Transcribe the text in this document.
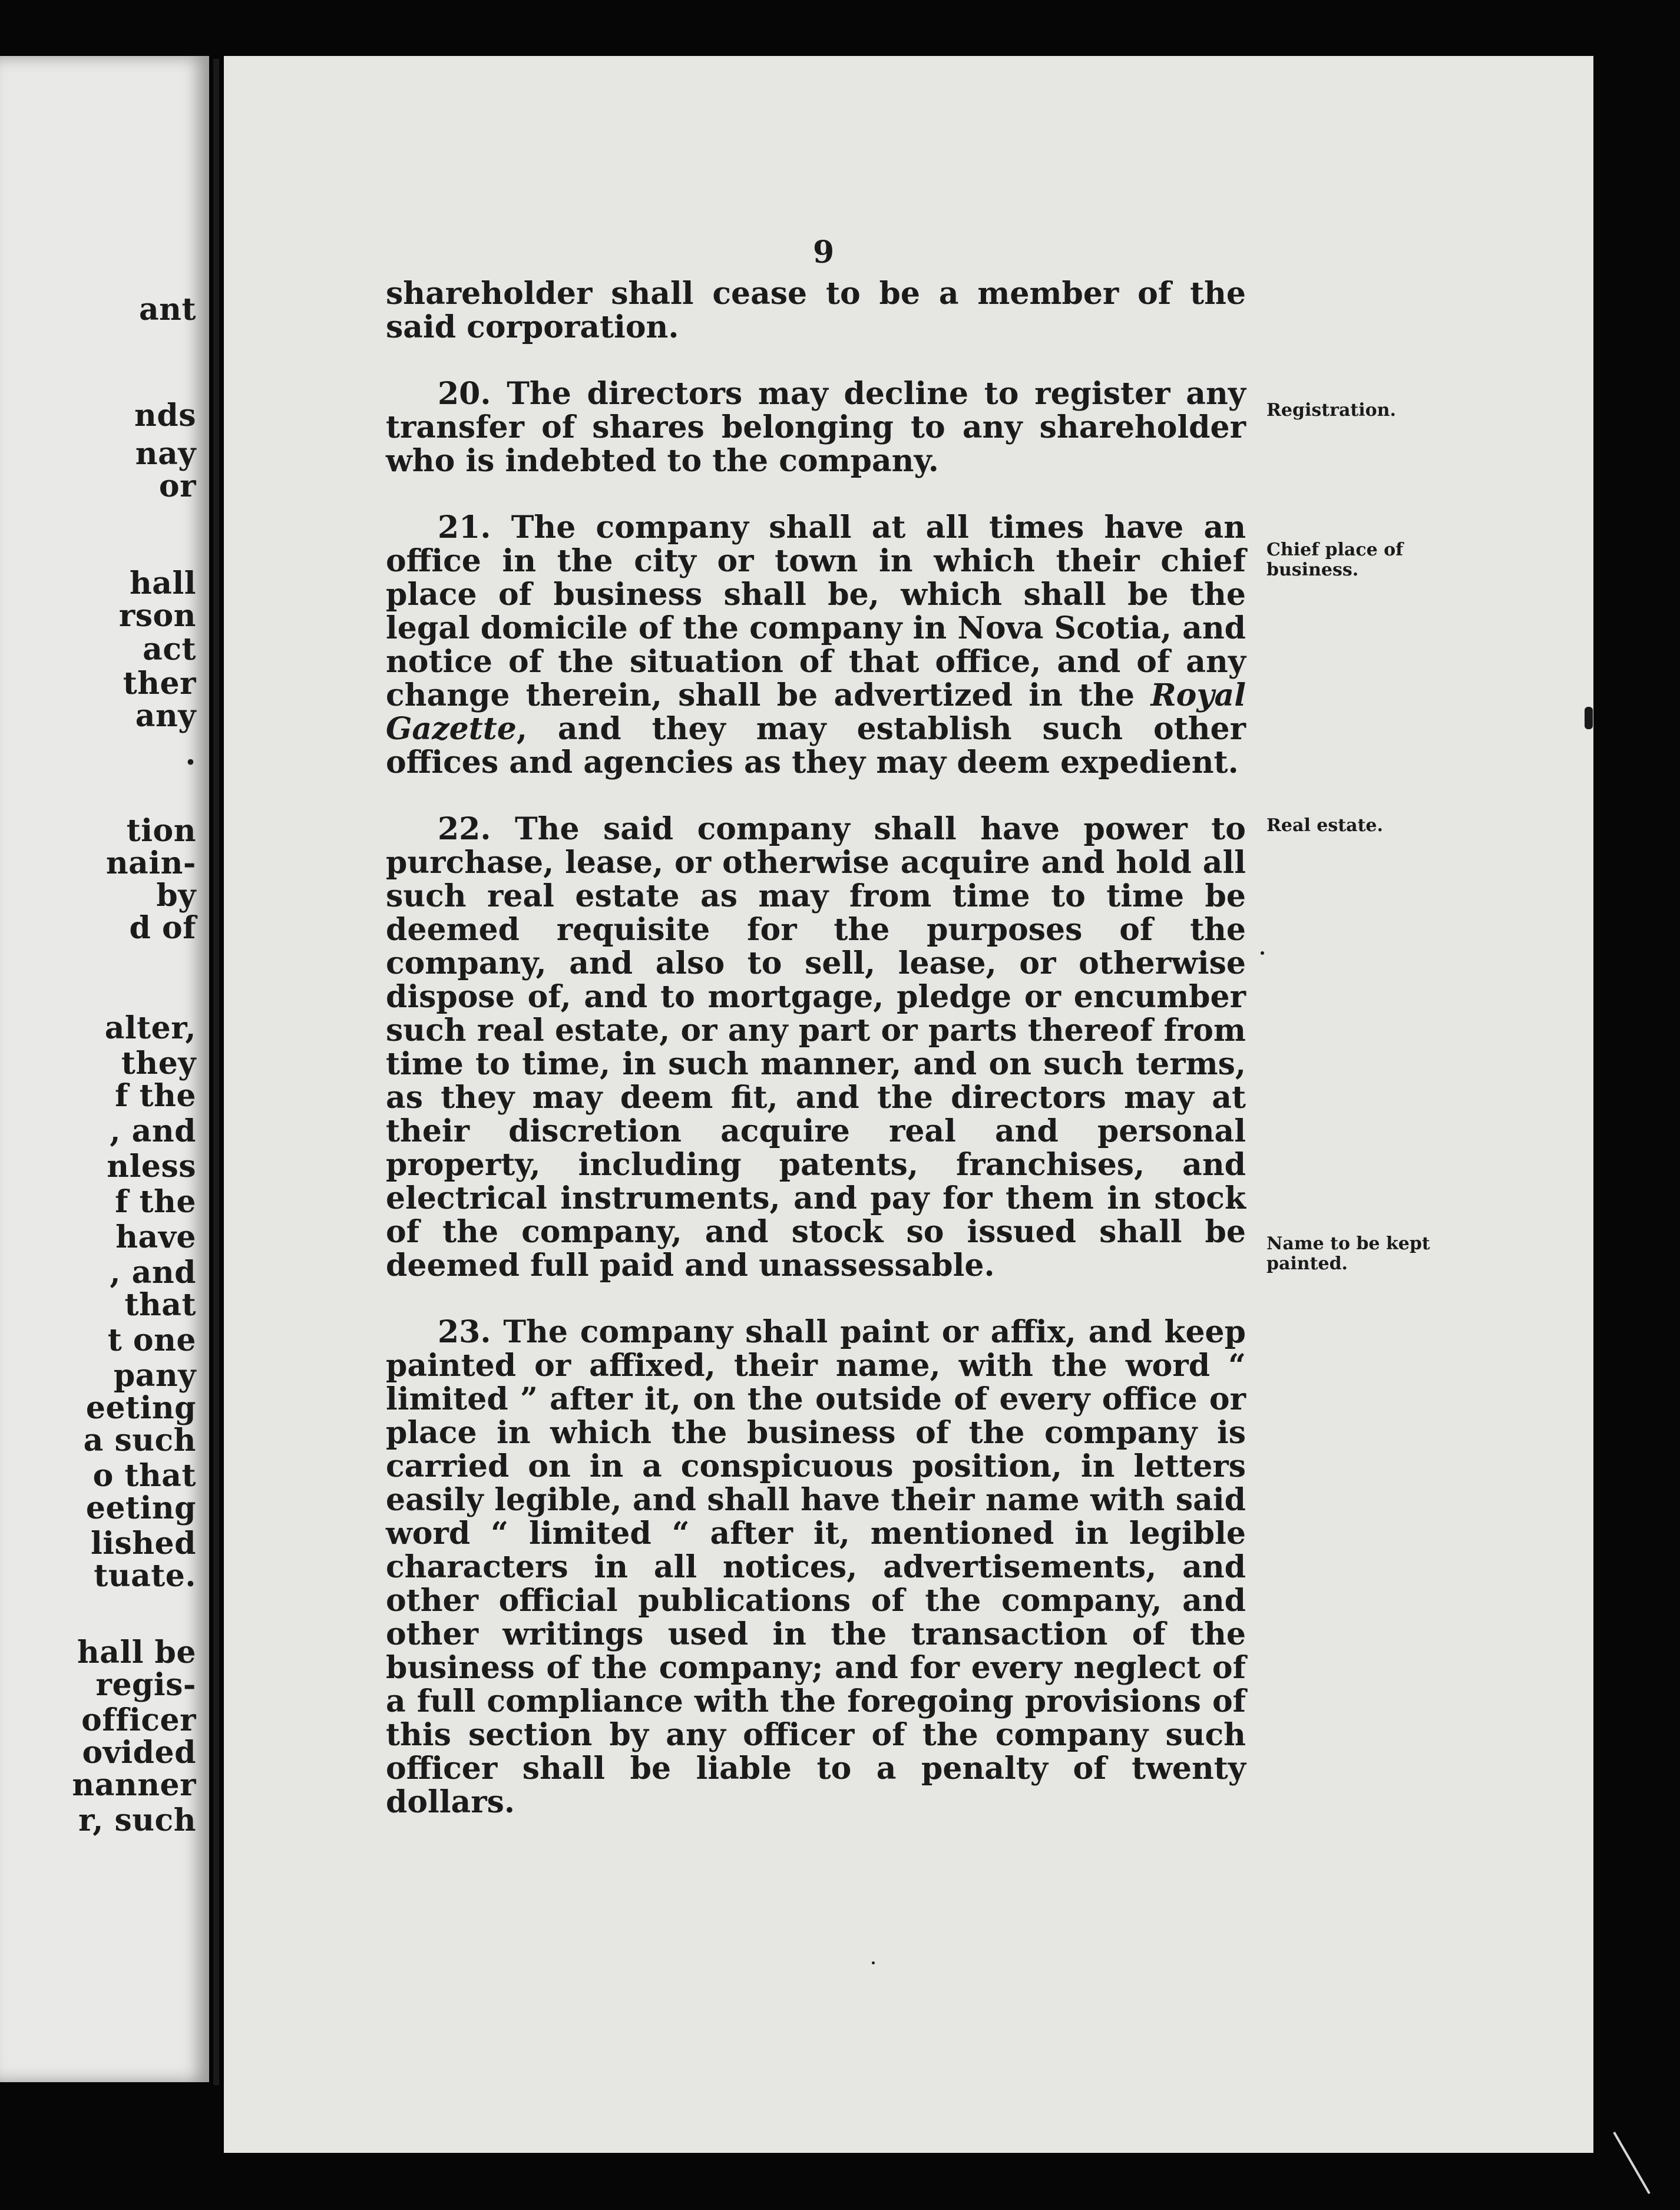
ant
nds
nay
or
hall
rson
act
ther
any
.
tion
nain-
by
d of
alter,
they
f the
, and
nless
f the
have
, and
that
t one
pany
eeting
a such
o that
eeting
lished
tuate.
hall be
regis-
officer
ovided
nanner
r, such
9

shareholder shall cease to be a member of the said corporation.

20. The directors may decline to register any transfer of shares belonging to any shareholder who is indebted to the company.

21. The company shall at all times have an office in the city or town in which their chief place of business shall be, which shall be the legal domicile of the company in Nova Scotia, and notice of the situation of that office, and of any change therein, shall be advertized in the Royal Gazette, and they may establish such other offices and agencies as they may deem expedient.

22. The said company shall have power to purchase, lease, or otherwise acquire and hold all such real estate as may from time to time be deemed requisite for the purposes of the company, and also to sell, lease, or otherwise dispose of, and to mortgage, pledge or encumber such real estate, or any part or parts thereof from time to time, in such manner, and on such terms, as they may deem fit, and the directors may at their discretion acquire real and personal property, including patents, franchises, and electrical instruments, and pay for them in stock of the company, and stock so issued shall be deemed full paid and unassessable.

23. The company shall paint or affix, and keep painted or affixed, their name, with the word “ limited ” after it, on the outside of every office or place in which the business of the company is carried on in a conspicuous position, in letters easily legible, and shall have their name with said word “ limited “ after it, mentioned in legible characters in all notices, advertisements, and other official publications of the company, and other writings used in the transaction of the business of the company; and for every neglect of a full compliance with the foregoing provisions of this section by any officer of the company such officer shall be liable to a penalty of twenty dollars.

Registration.
Chief place of business.
Real estate.
Name to be kept painted.
